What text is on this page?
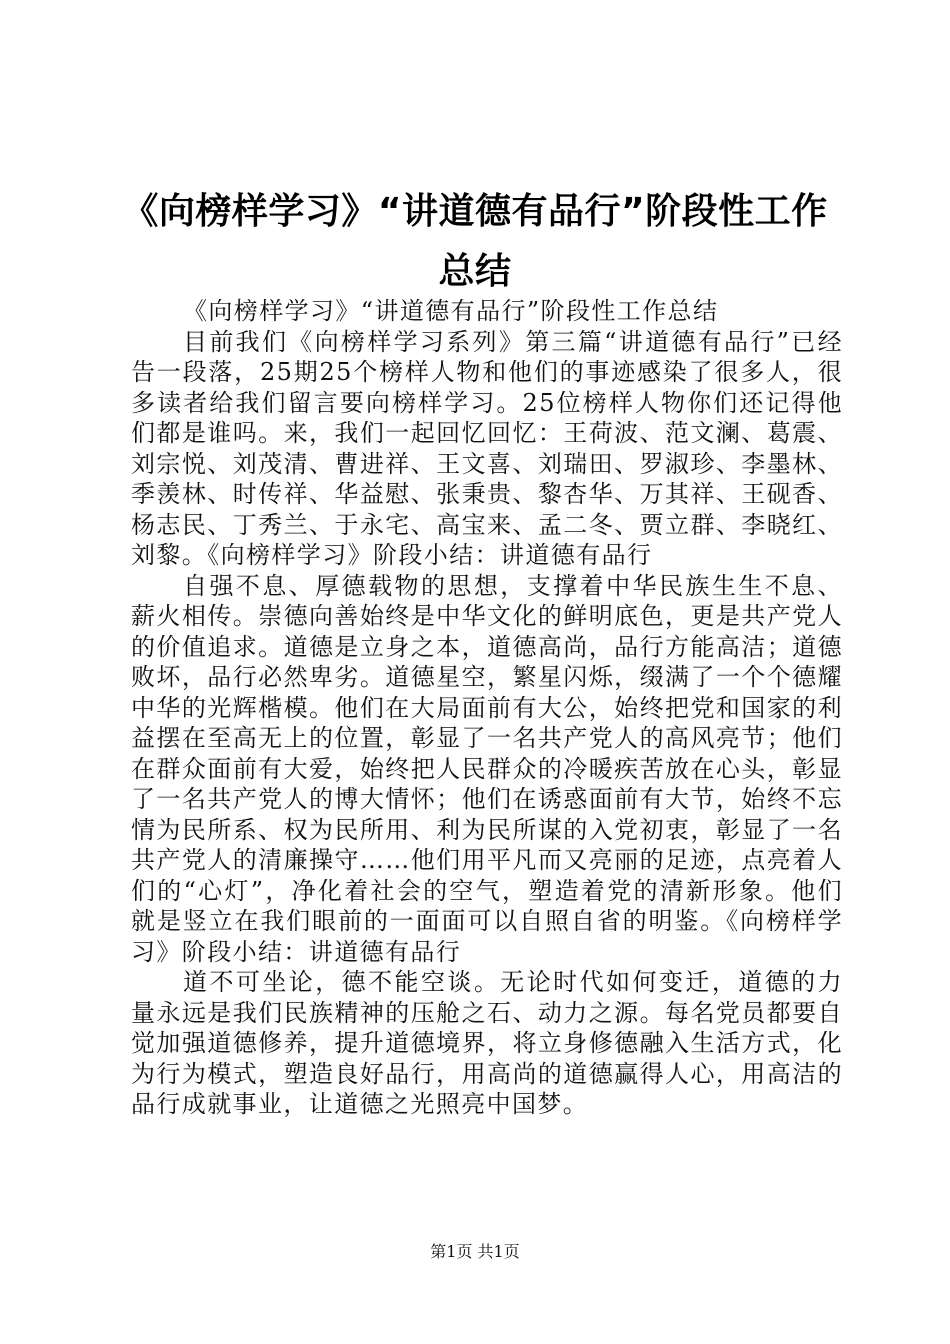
《向榜样学习》“讲道德有品行”阶段性工作总结

《向榜样学习》“讲道德有品行”阶段性工作总结

目前我们《向榜样学习系列》第三篇“讲道德有品行”已经告一段落，25期25个榜样人物和他们的事迹感染了很多人，很多读者给我们留言要向榜样学习。25位榜样人物你们还记得他们都是谁吗。来，我们一起回忆回忆：王荷波、范文澜、葛震、刘宗悦、刘茂清、曹进祥、王文喜、刘瑞田、罗淑珍、李墨林、季羡林、时传祥、华益慰、张秉贵、黎杏华、万其祥、王砚香、杨志民、丁秀兰、于永宅、高宝来、孟二冬、贾立群、李晓红、刘黎。《向榜样学习》阶段小结：讲道德有品行

自强不息、厚德载物的思想，支撑着中华民族生生不息、薪火相传。崇德向善始终是中华文化的鲜明底色，更是共产党人的价值追求。道德是立身之本，道德高尚，品行方能高洁；道德败坏，品行必然卑劣。道德星空，繁星闪烁，缀满了一个个德耀中华的光辉楷模。他们在大局面前有大公，始终把党和国家的利益摆在至高无上的位置，彰显了一名共产党人的高风亮节；他们在群众面前有大爱，始终把人民群众的冷暖疾苦放在心头，彰显了一名共产党人的博大情怀；他们在诱惑面前有大节，始终不忘情为民所系、权为民所用、利为民所谋的入党初衷，彰显了一名共产党人的清廉操守……他们用平凡而又亮丽的足迹，点亮着人们的“心灯”，净化着社会的空气，塑造着党的清新形象。他们就是竖立在我们眼前的一面面可以自照自省的明鉴。《向榜样学习》阶段小结：讲道德有品行

道不可坐论，德不能空谈。无论时代如何变迁，道德的力量永远是我们民族精神的压舱之石、动力之源。每名党员都要自觉加强道德修养，提升道德境界，将立身修德融入生活方式，化为行为模式，塑造良好品行，用高尚的道德赢得人心，用高洁的品行成就事业，让道德之光照亮中国梦。

第1页 共1页
